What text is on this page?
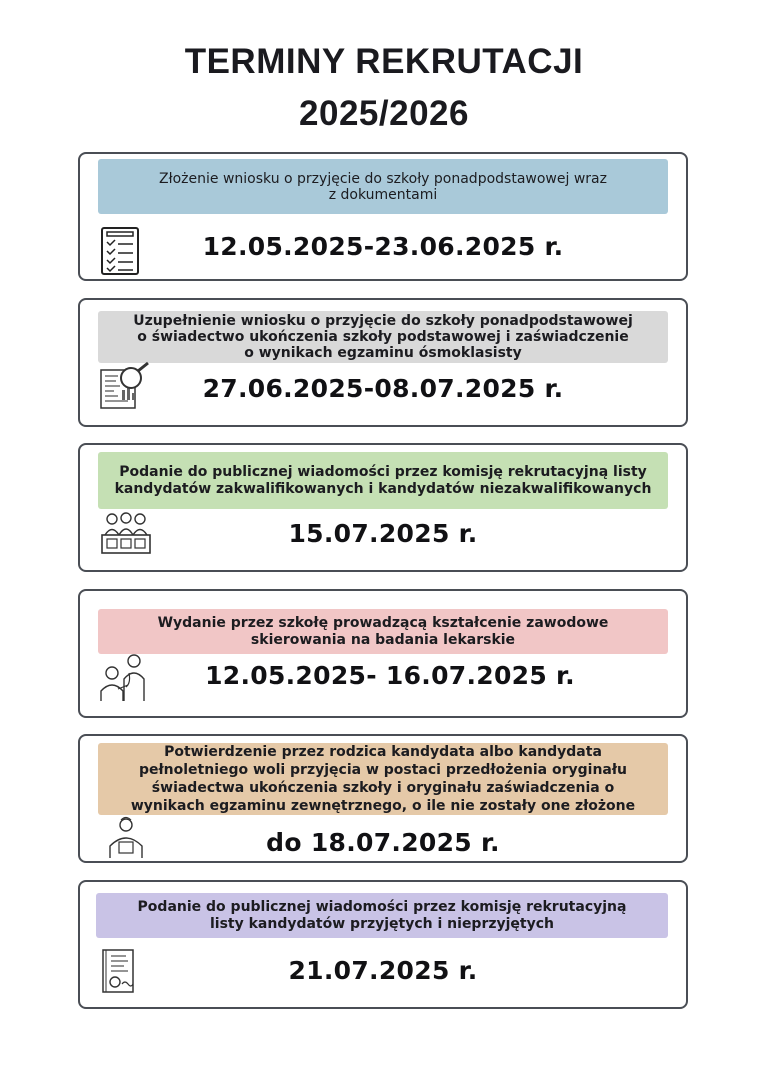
TERMINY REKRUTACJI
2025/2026
Złożenie wniosku o przyjęcie do szkoły ponadpodstawowej wraz
z dokumentami
12.05.2025-23.06.2025 r.
Uzupełnienie wniosku o przyjęcie do szkoły ponadpodstawowej
o świadectwo ukończenia szkoły podstawowej i zaświadczenie
o wynikach egzaminu ósmoklasisty
27.06.2025-08.07.2025 r.
Podanie do publicznej wiadomości przez komisję rekrutacyjną listy
kandydatów zakwalifikowanych i kandydatów niezakwalifikowanych
15.07.2025 r.
Wydanie przez szkołę prowadzącą kształcenie zawodowe
skierowania na badania lekarskie
12.05.2025- 16.07.2025 r.
Potwierdzenie przez rodzica kandydata albo kandydata
pełnoletniego woli przyjęcia w postaci przedłożenia oryginału
świadectwa ukończenia szkoły i oryginału zaświadczenia o
wynikach egzaminu zewnętrznego, o ile nie zostały one złożone
do 18.07.2025 r.
Podanie do publicznej wiadomości przez komisję rekrutacyjną
listy kandydatów przyjętych i nieprzyjętych
21.07.2025 r.
